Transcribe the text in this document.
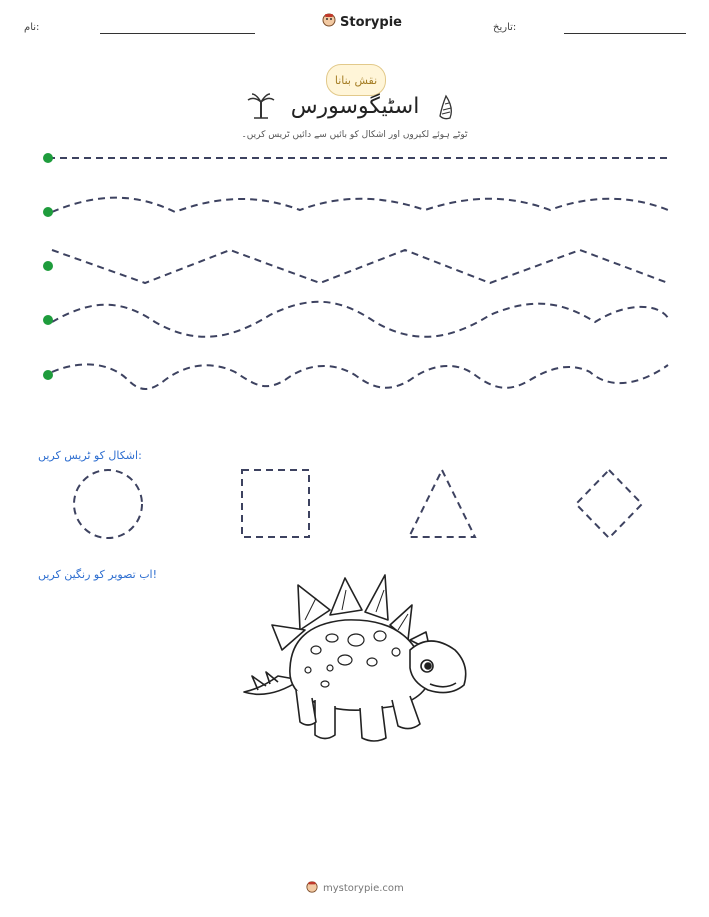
نام:	Storypie	تاریخ:
نقش بنانا
اسٹیگوسورس
ٹوٹے ہوئے لکیروں اور اشکال کو بائیں سے دائیں ٹریس کریں۔
اشکال کو ٹریس کریں:
اب تصویر کو رنگین کریں!
mystorypie.com
